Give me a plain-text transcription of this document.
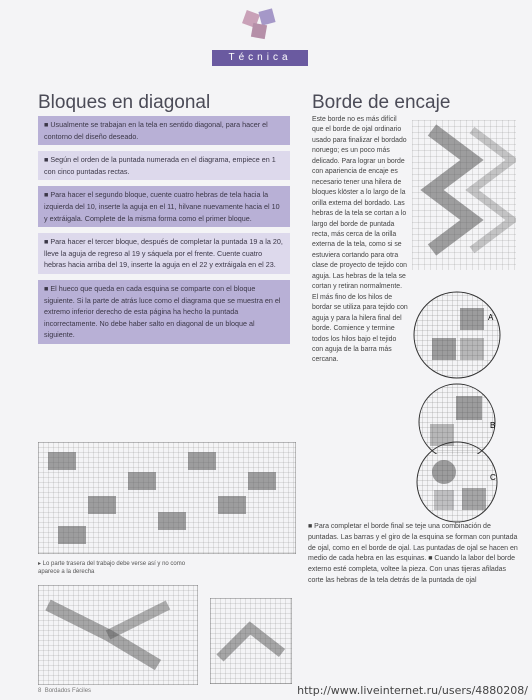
Técnica
Bloques en diagonal	Borde de encaje
■ Usualmente se trabajan en la tela en sentido diagonal, para hacer el contorno del diseño deseado.
■ Según el orden de la puntada numerada en el diagrama, empiece en 1 con cinco puntadas rectas.
■ Para hacer el segundo bloque, cuente cuatro hebras de tela hacia la izquierda del 10, inserte la aguja en el 11, hilvane nuevamente hacia el 10 y extráigala. Complete de la misma forma como el primer bloque.
■ Para hacer el tercer bloque, después de completar la puntada 19 a la 20, lleve la aguja de regreso al 19 y sáquela por el frente. Cuente cuatro hebras hacia arriba del 19, inserte la aguja en el 22 y extráigala en el 23.
■ El hueco que queda en cada esquina se comparte con el bloque siguiente. Si la parte de atrás luce como el diagrama que se muestra en el extremo inferior derecho de esta página ha hecho la puntada incorrectamente. No debe haber salto en diagonal de un bloque al siguiente.
Este borde no es más difícil que el borde de ojal ordinario usado para finalizar el bordado noruego; es un poco más delicado. Para lograr un borde con apariencia de encaje es necesario tener una hilera de bloques klöster a lo largo de la orilla externa del bordado. Las hebras de la tela se cortan a lo largo del borde de puntada recta, más cerca de la orilla externa de la tela, como si se estuviera cortando para otra clase de proyecto de tejido con aguja. Las hebras de la tela se cortan y retiran normalmente. El más fino de los hilos de bordar se utiliza para tejido con aguja y para la hilera final del borde. Comience y termine todos los hilos bajo el tejido con aguja de la barra más cercana.
A
B
C
■ Para completar el borde final se teje una combinación de puntadas. Las barras y el giro de la esquina se forman con puntada de ojal, como en el borde de ojal. Las puntadas de ojal se hacen en medio de cada hebra en las esquinas. ■ Cuando la labor del borde externo esté completa, voltee la pieza. Con unas tijeras afiladas corte las hebras de la tela detrás de la puntada de ojal
▸ Lo parte trasera del trabajo debe verse así y no como aparece a la derecha
8 Bordados Fáciles	http://www.liveinternet.ru/users/4880208/
